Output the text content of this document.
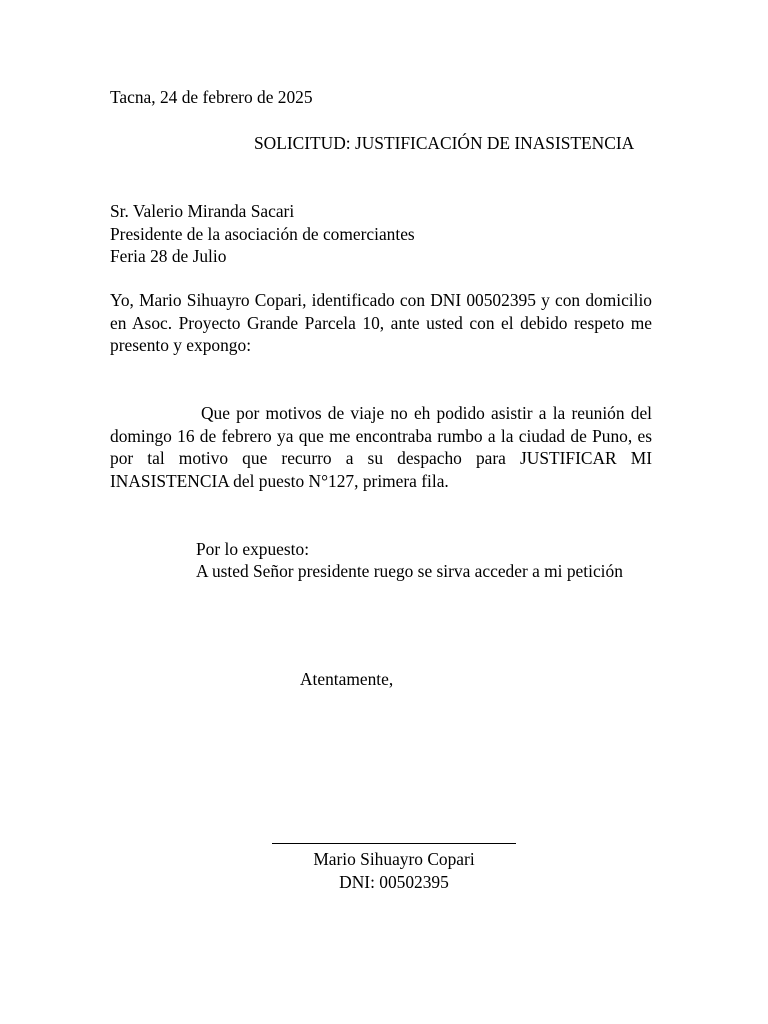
Tacna, 24 de febrero de 2025
SOLICITUD: JUSTIFICACIÓN DE INASISTENCIA
Sr. Valerio Miranda Sacari
Presidente de la asociación de comerciantes
Feria 28 de Julio
Yo, Mario Sihuayro Copari, identificado con DNI 00502395 y con domicilio en Asoc. Proyecto Grande Parcela 10, ante usted con el debido respeto me presento y expongo:
Que por motivos de viaje no eh podido asistir a la reunión del domingo 16 de febrero ya que me encontraba rumbo a la ciudad de Puno, es por tal motivo que recurro a su despacho para JUSTIFICAR MI INASISTENCIA del puesto N°127, primera fila.
Por lo expuesto:
A usted Señor presidente ruego se sirva acceder a mi petición
Atentamente,
Mario Sihuayro Copari
DNI: 00502395
